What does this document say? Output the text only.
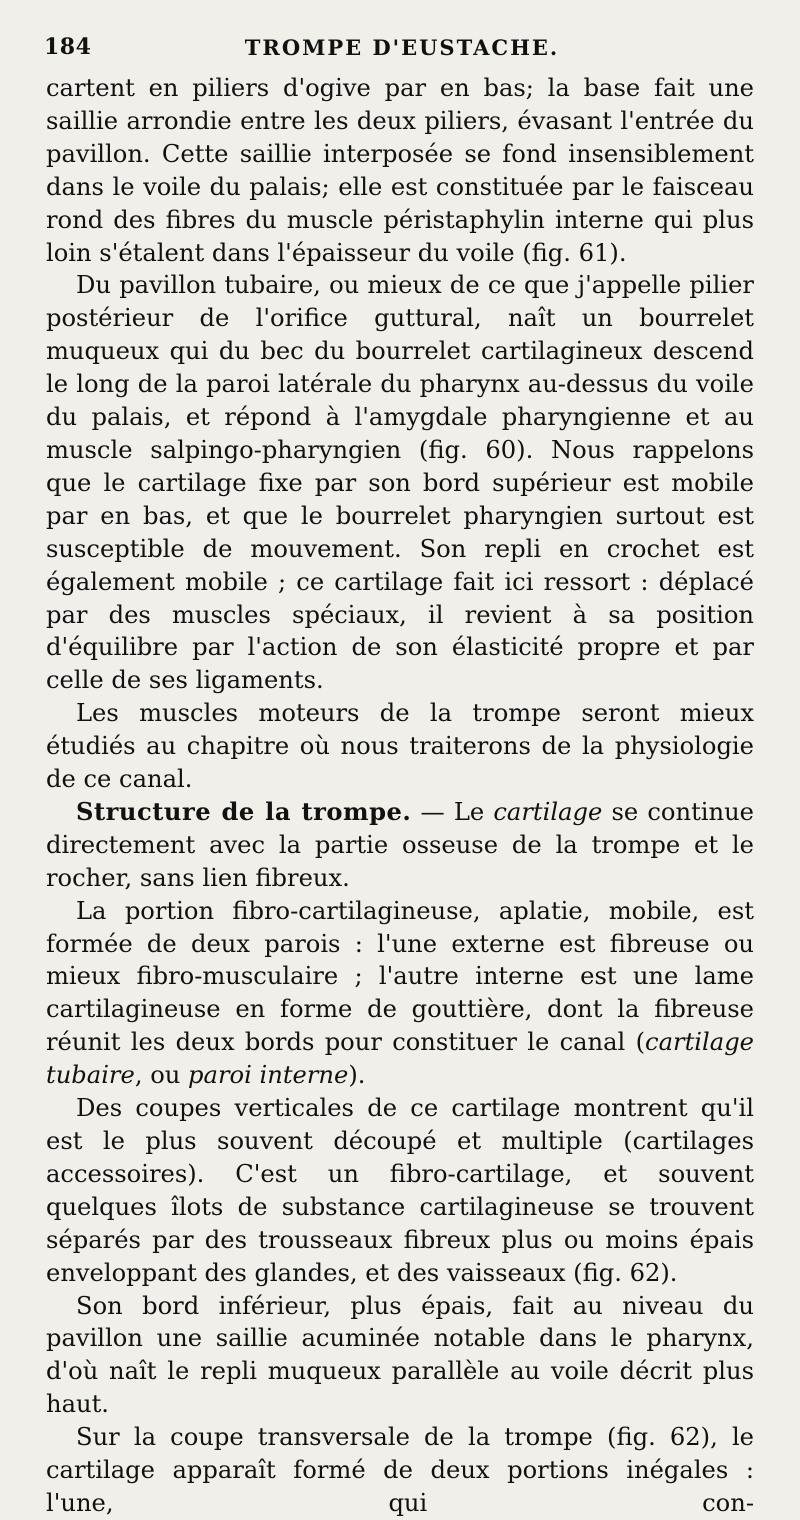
184	TROMPE D'EUSTACHE.

cartent en piliers d'ogive par en bas; la base fait une saillie arrondie entre les deux piliers, évasant l'entrée du pavillon. Cette saillie interposée se fond insensiblement dans le voile du palais; elle est constituée par le faisceau rond des fibres du muscle péristaphylin interne qui plus loin s'étalent dans l'épaisseur du voile (fig. 61).

Du pavillon tubaire, ou mieux de ce que j'appelle pilier postérieur de l'orifice guttural, naît un bourrelet muqueux qui du bec du bourrelet cartilagineux descend le long de la paroi latérale du pharynx au-dessus du voile du palais, et répond à l'amygdale pharyngienne et au muscle salpingo-pharyngien (fig. 60). Nous rappelons que le cartilage fixe par son bord supérieur est mobile par en bas, et que le bourrelet pharyngien surtout est susceptible de mouvement. Son repli en crochet est également mobile ; ce cartilage fait ici ressort : déplacé par des muscles spéciaux, il revient à sa position d'équilibre par l'action de son élasticité propre et par celle de ses ligaments.

Les muscles moteurs de la trompe seront mieux étudiés au chapitre où nous traiterons de la physiologie de ce canal.

Structure de la trompe. — Le cartilage se continue directement avec la partie osseuse de la trompe et le rocher, sans lien fibreux.

La portion fibro-cartilagineuse, aplatie, mobile, est formée de deux parois : l'une externe est fibreuse ou mieux fibro-musculaire ; l'autre interne est une lame cartilagineuse en forme de gouttière, dont la fibreuse réunit les deux bords pour constituer le canal (cartilage tubaire, ou paroi interne).

Des coupes verticales de ce cartilage montrent qu'il est le plus souvent découpé et multiple (cartilages accessoires). C'est un fibro-cartilage, et souvent quelques îlots de substance cartilagineuse se trouvent séparés par des trousseaux fibreux plus ou moins épais enveloppant des glandes, et des vaisseaux (fig. 62).

Son bord inférieur, plus épais, fait au niveau du pavillon une saillie acuminée notable dans le pharynx, d'où naît le repli muqueux parallèle au voile décrit plus haut.

Sur la coupe transversale de la trompe (fig. 62), le cartilage apparaît formé de deux portions inégales : l'une, qui con-
